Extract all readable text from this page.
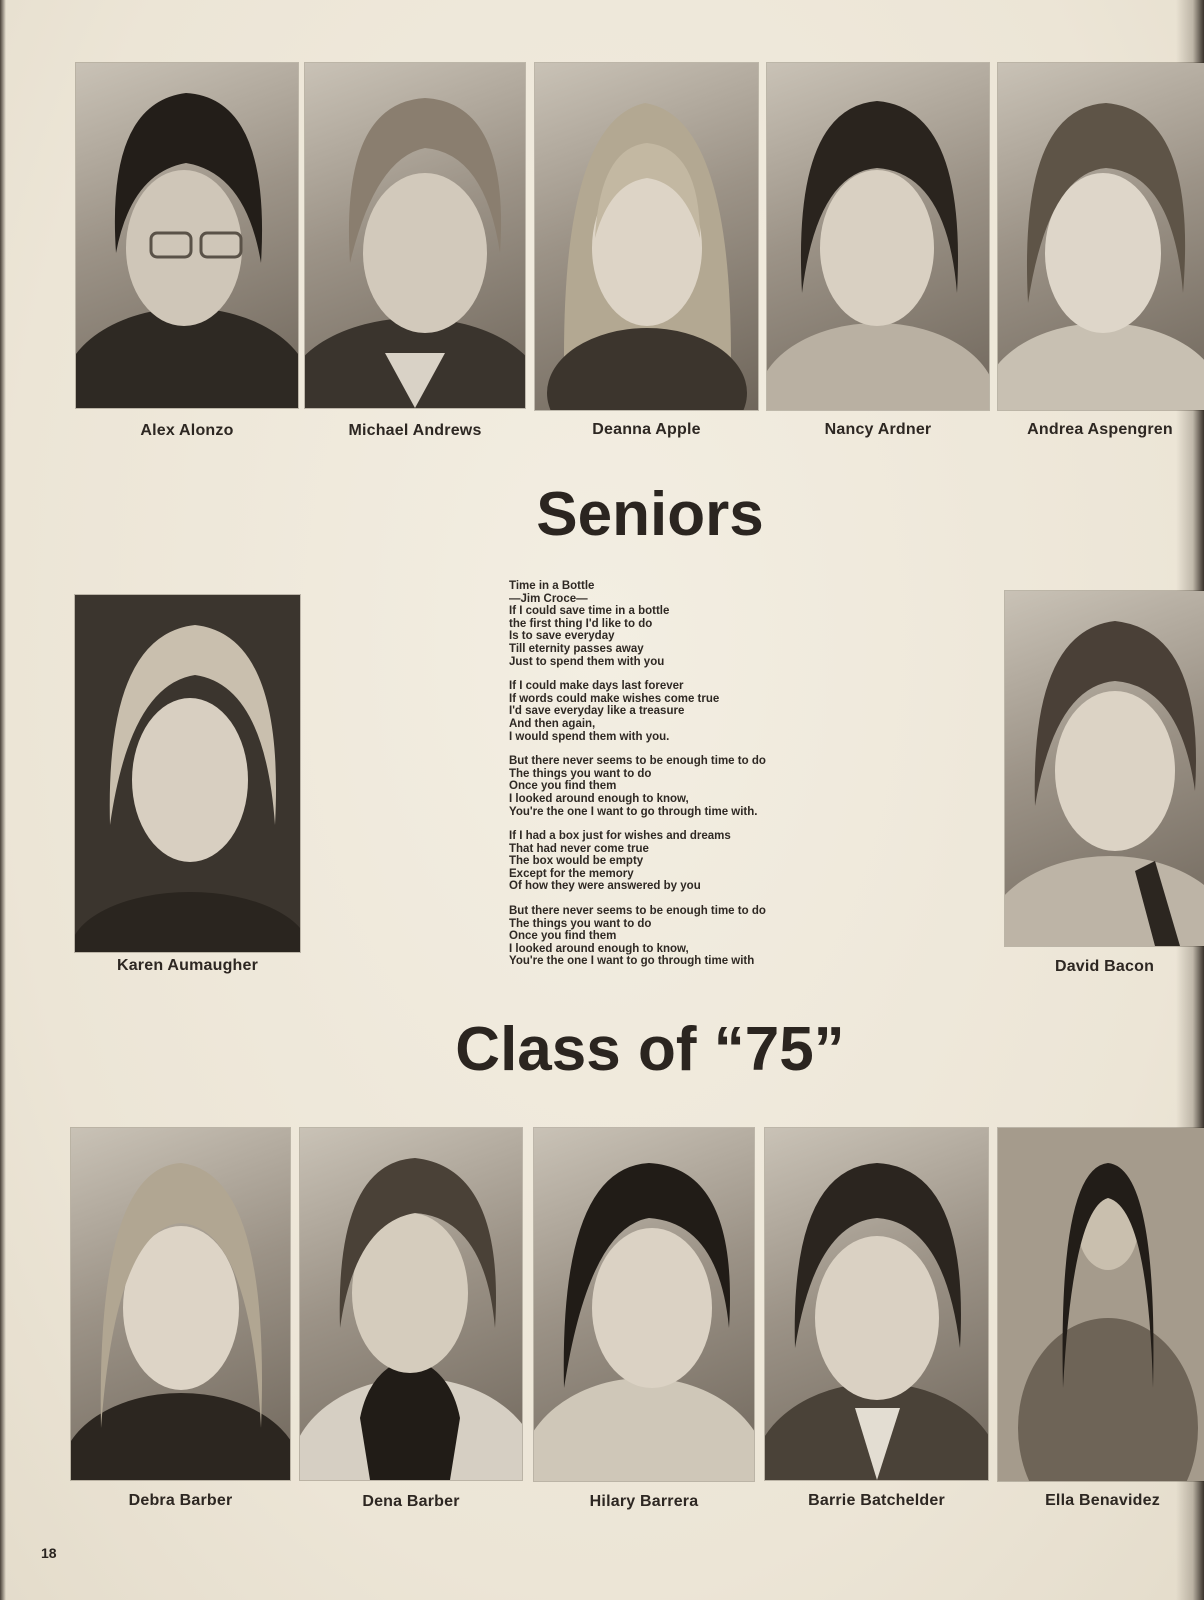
Alex Alonzo	Michael Andrews	Deanna Apple	Nancy Ardner	Andrea Aspengren
Seniors
Karen Aumaugher	David Bacon
Time in a Bottle
—Jim Croce—
If I could save time in a bottle
the first thing I'd like to do
Is to save everyday
Till eternity passes away
Just to spend them with you
If I could make days last forever
If words could make wishes come true
I'd save everyday like a treasure
And then again,
I would spend them with you.
But there never seems to be enough time to do
The things you want to do
Once you find them
I looked around enough to know,
You're the one I want to go through time with.
If I had a box just for wishes and dreams
That had never come true
The box would be empty
Except for the memory
Of how they were answered by you
But there never seems to be enough time to do
The things you want to do
Once you find them
I looked around enough to know,
You're the one I want to go through time with
Class of “75”
Debra Barber	Dena Barber	Hilary Barrera	Barrie Batchelder	Ella Benavidez
18
